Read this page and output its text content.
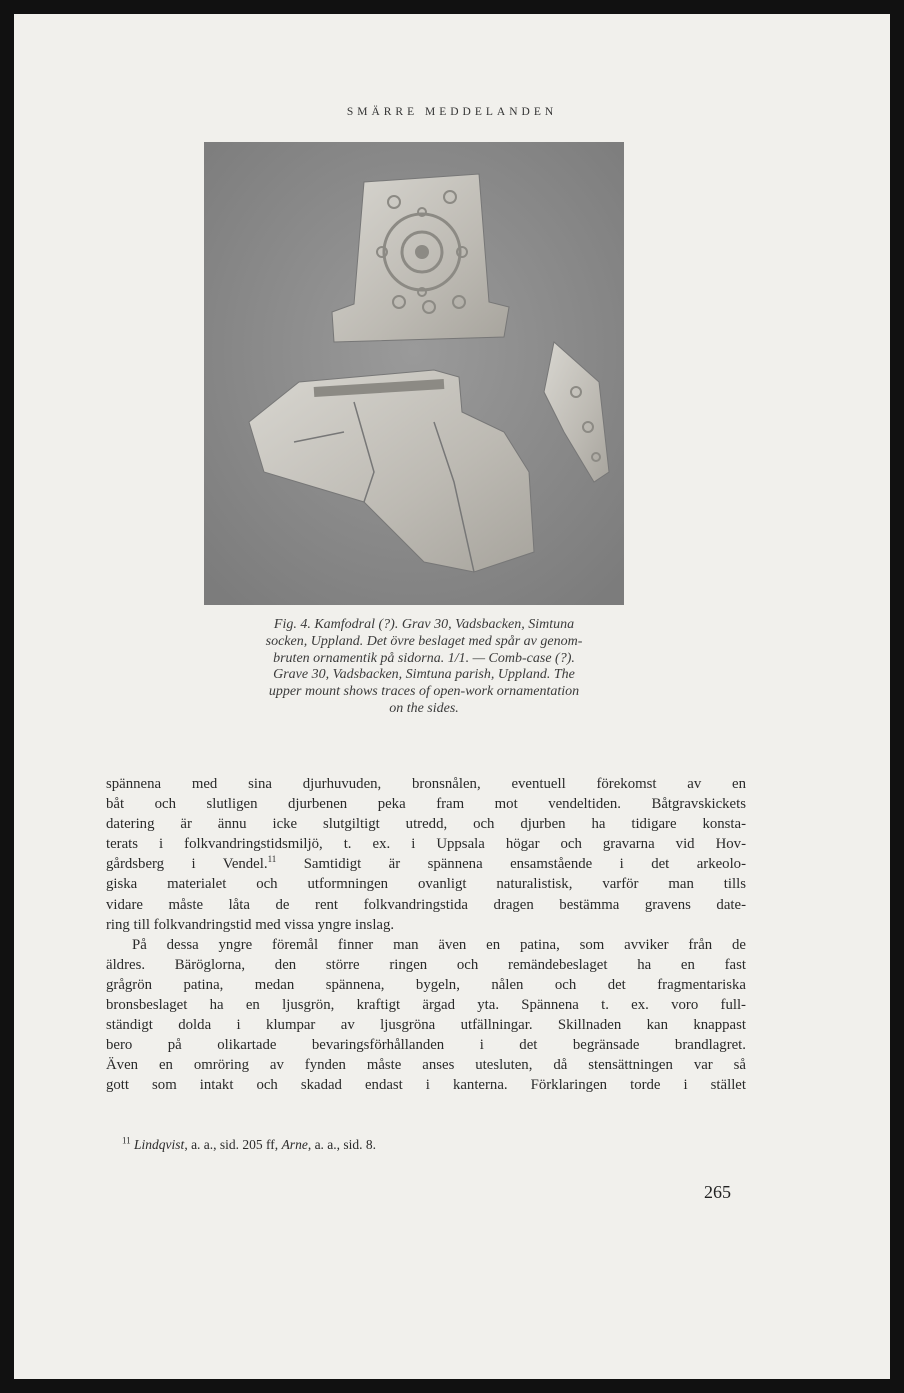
SMÄRRE MEDDELANDEN
Fig. 4. Kamfodral (?). Grav 30, Vadsbacken, Simtuna
socken, Uppland. Det övre beslaget med spår av genom-
bruten ornamentik på sidorna. 1/1. — Comb-case (?).
Grave 30, Vadsbacken, Simtuna parish, Uppland. The
upper mount shows traces of open-work ornamentation
on the sides.
spännena med sina djurhuvuden, bronsnålen, eventuell förekomst av en
båt och slutligen djurbenen peka fram mot vendeltiden. Båtgravskickets
datering är ännu icke slutgiltigt utredd, och djurben ha tidigare konsta-
terats i folkvandringstidsmiljö, t. ex. i Uppsala högar och gravarna vid Hov-
gårdsberg i Vendel.$^{11}$ Samtidigt är spännena ensamstående i det arkeolo-
giska materialet och utformningen ovanligt naturalistisk, varför man tills
vidare måste låta de rent folkvandringstida dragen bestämma gravens date-
ring till folkvandringstid med vissa yngre inslag.
På dessa yngre föremål finner man även en patina, som avviker från de
äldres. Bäröglorna, den större ringen och remändebeslaget ha en fast
grågrön patina, medan spännena, bygeln, nålen och det fragmentariska
bronsbeslaget ha en ljusgrön, kraftigt ärgad yta. Spännena t. ex. voro full-
ständigt dolda i klumpar av ljusgröna utfällningar. Skillnaden kan knappast
bero på olikartade bevaringsförhållanden i det begränsade brandlagret.
Även en omröring av fynden måste anses utesluten, då stensättningen var så
gott som intakt och skadad endast i kanterna. Förklaringen torde i stället
$^{11}$ Lindqvist, a. a., sid. 205 ff, Arne, a. a., sid. 8.
265
